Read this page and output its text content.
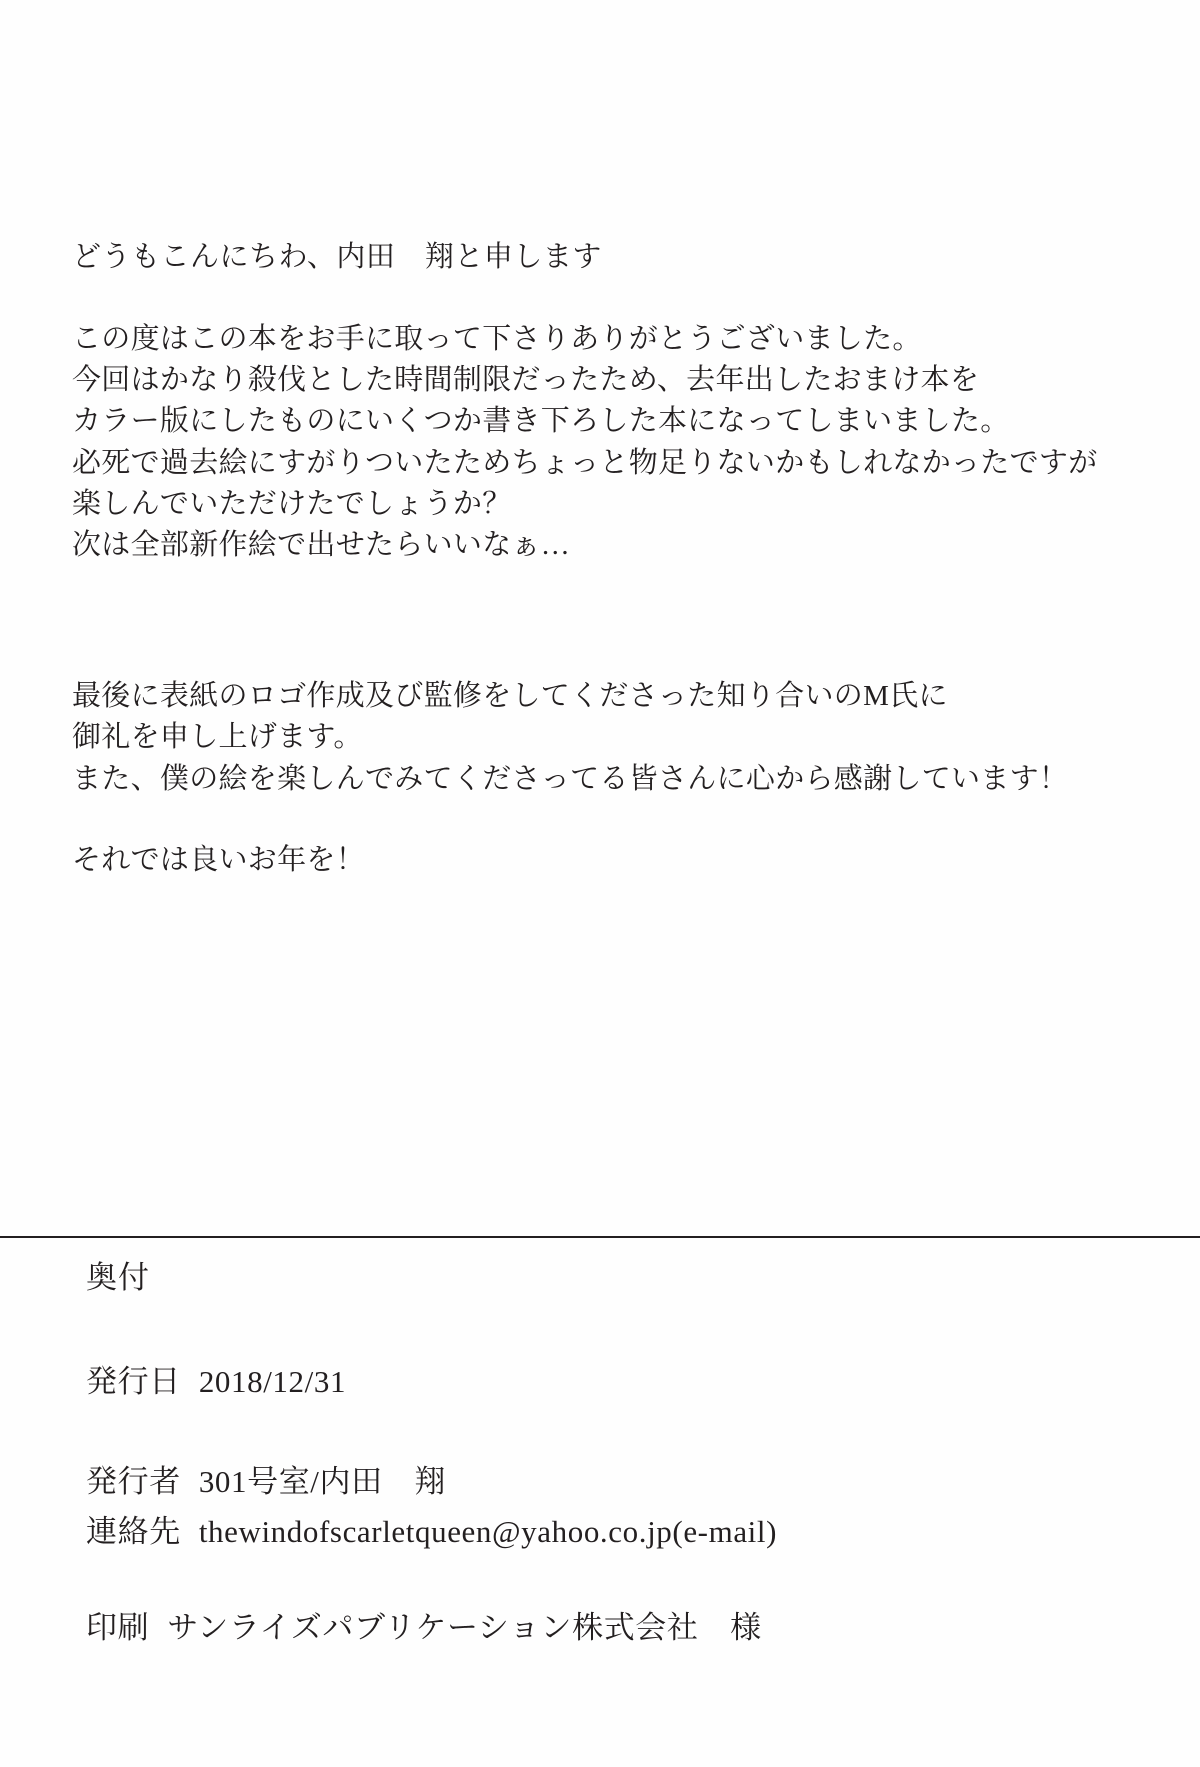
どうもこんにちわ、内田　翔と申します

この度はこの本をお手に取って下さりありがとうございました。
今回はかなり殺伐とした時間制限だったため、去年出したおまけ本を
カラー版にしたものにいくつか書き下ろした本になってしまいました。
必死で過去絵にすがりついたためちょっと物足りないかもしれなかったですが
楽しんでいただけたでしょうか？
次は全部新作絵で出せたらいいなぁ…
最後に表紙のロゴ作成及び監修をしてくださった知り合いのM氏に
御礼を申し上げます。
また、僕の絵を楽しんでみてくださってる皆さんに心から感謝しています！
それでは良いお年を！
奥付
発行日 2018/12/31
発行者 301号室/内田　翔
連絡先 thewindofscarletqueen@yahoo.co.jp(e-mail)
印刷 サンライズパブリケーション株式会社　様
